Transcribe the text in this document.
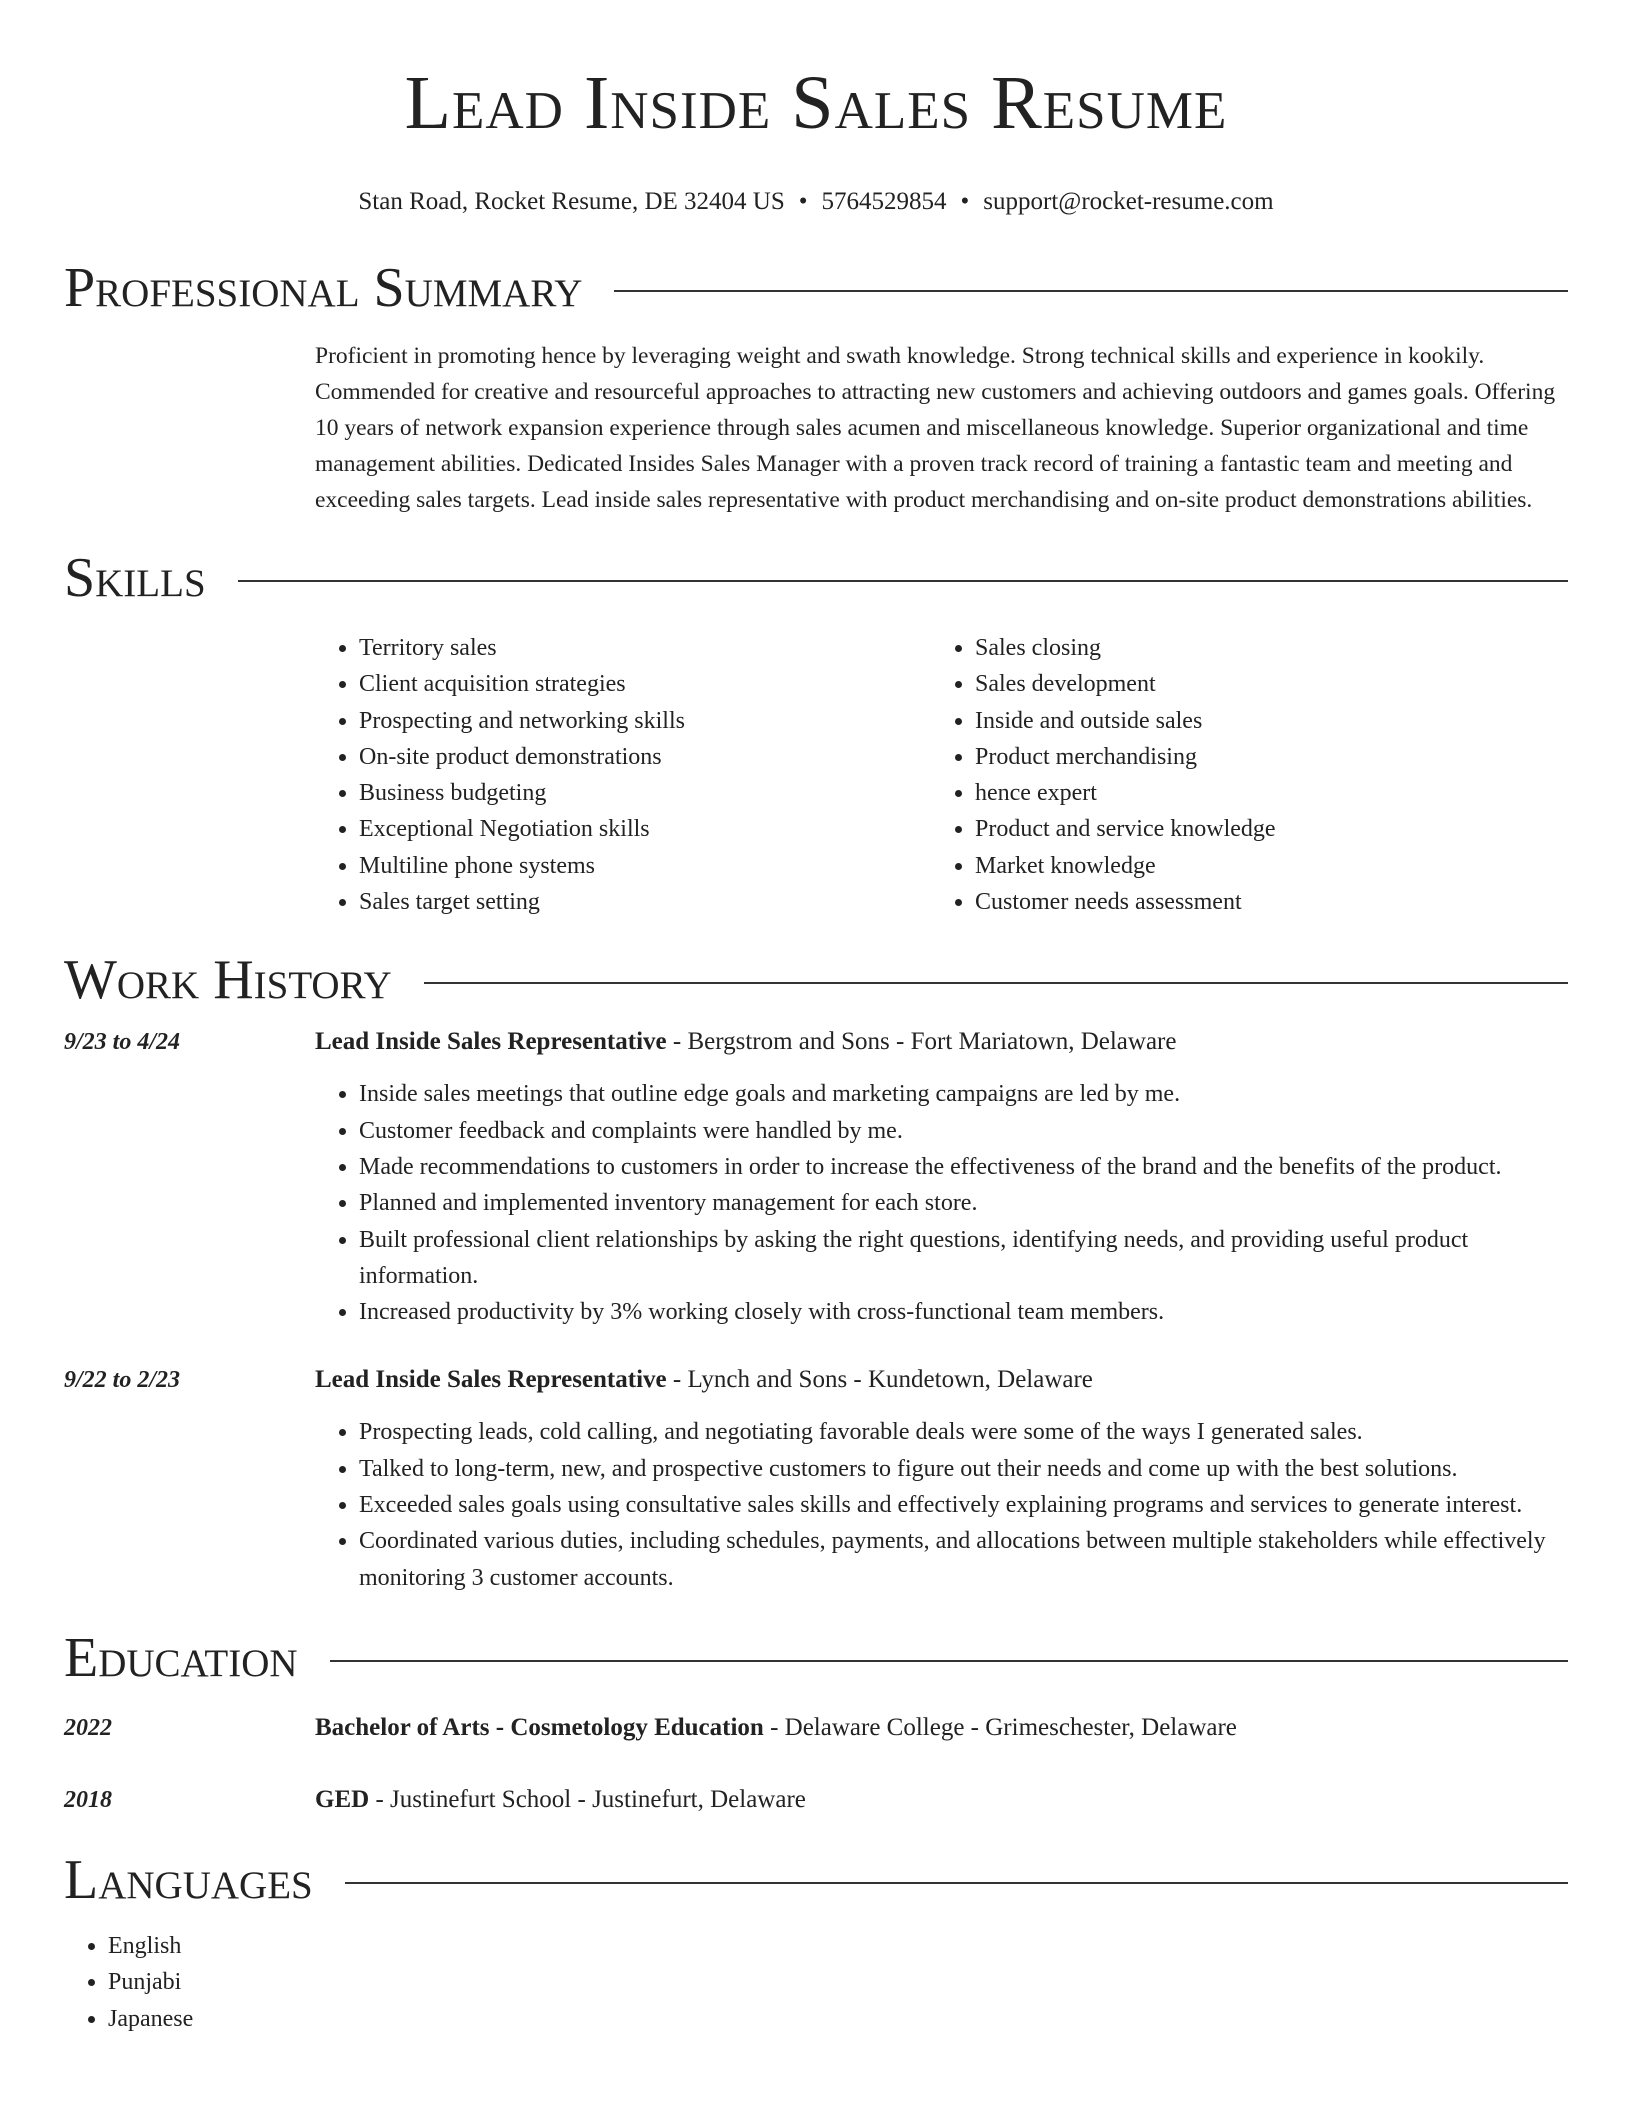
Lead Inside Sales Resume
Stan Road, Rocket Resume, DE 32404 US • 5764529854 • support@rocket-resume.com
Professional Summary

Proficient in promoting hence by leveraging weight and swath knowledge. Strong technical skills and experience in kookily. Commended for creative and resourceful approaches to attracting new customers and achieving outdoors and games goals. Offering 10 years of network expansion experience through sales acumen and miscellaneous knowledge. Superior organizational and time management abilities. Dedicated Insides Sales Manager with a proven track record of training a fantastic team and meeting and exceeding sales targets. Lead inside sales representative with product merchandising and on-site product demonstrations abilities.

Skills
• Territory sales
• Client acquisition strategies
• Prospecting and networking skills
• On-site product demonstrations
• Business budgeting
• Exceptional Negotiation skills
• Multiline phone systems
• Sales target setting
• Sales closing
• Sales development
• Inside and outside sales
• Product merchandising
• hence expert
• Product and service knowledge
• Market knowledge
• Customer needs assessment
Work History
9/23 to 4/24	Lead Inside Sales Representative - Bergstrom and Sons - Fort Mariatown, Delaware
• Inside sales meetings that outline edge goals and marketing campaigns are led by me.
• Customer feedback and complaints were handled by me.
• Made recommendations to customers in order to increase the effectiveness of the brand and the benefits of the product.
• Planned and implemented inventory management for each store.
• Built professional client relationships by asking the right questions, identifying needs, and providing useful product information.
• Increased productivity by 3% working closely with cross-functional team members.
9/22 to 2/23	Lead Inside Sales Representative - Lynch and Sons - Kundetown, Delaware
• Prospecting leads, cold calling, and negotiating favorable deals were some of the ways I generated sales.
• Talked to long-term, new, and prospective customers to figure out their needs and come up with the best solutions.
• Exceeded sales goals using consultative sales skills and effectively explaining programs and services to generate interest.
• Coordinated various duties, including schedules, payments, and allocations between multiple stakeholders while effectively monitoring 3 customer accounts.
Education
2022	Bachelor of Arts - Cosmetology Education - Delaware College - Grimeschester, Delaware
2018	GED - Justinefurt School - Justinefurt, Delaware
Languages
• English
• Punjabi
• Japanese
